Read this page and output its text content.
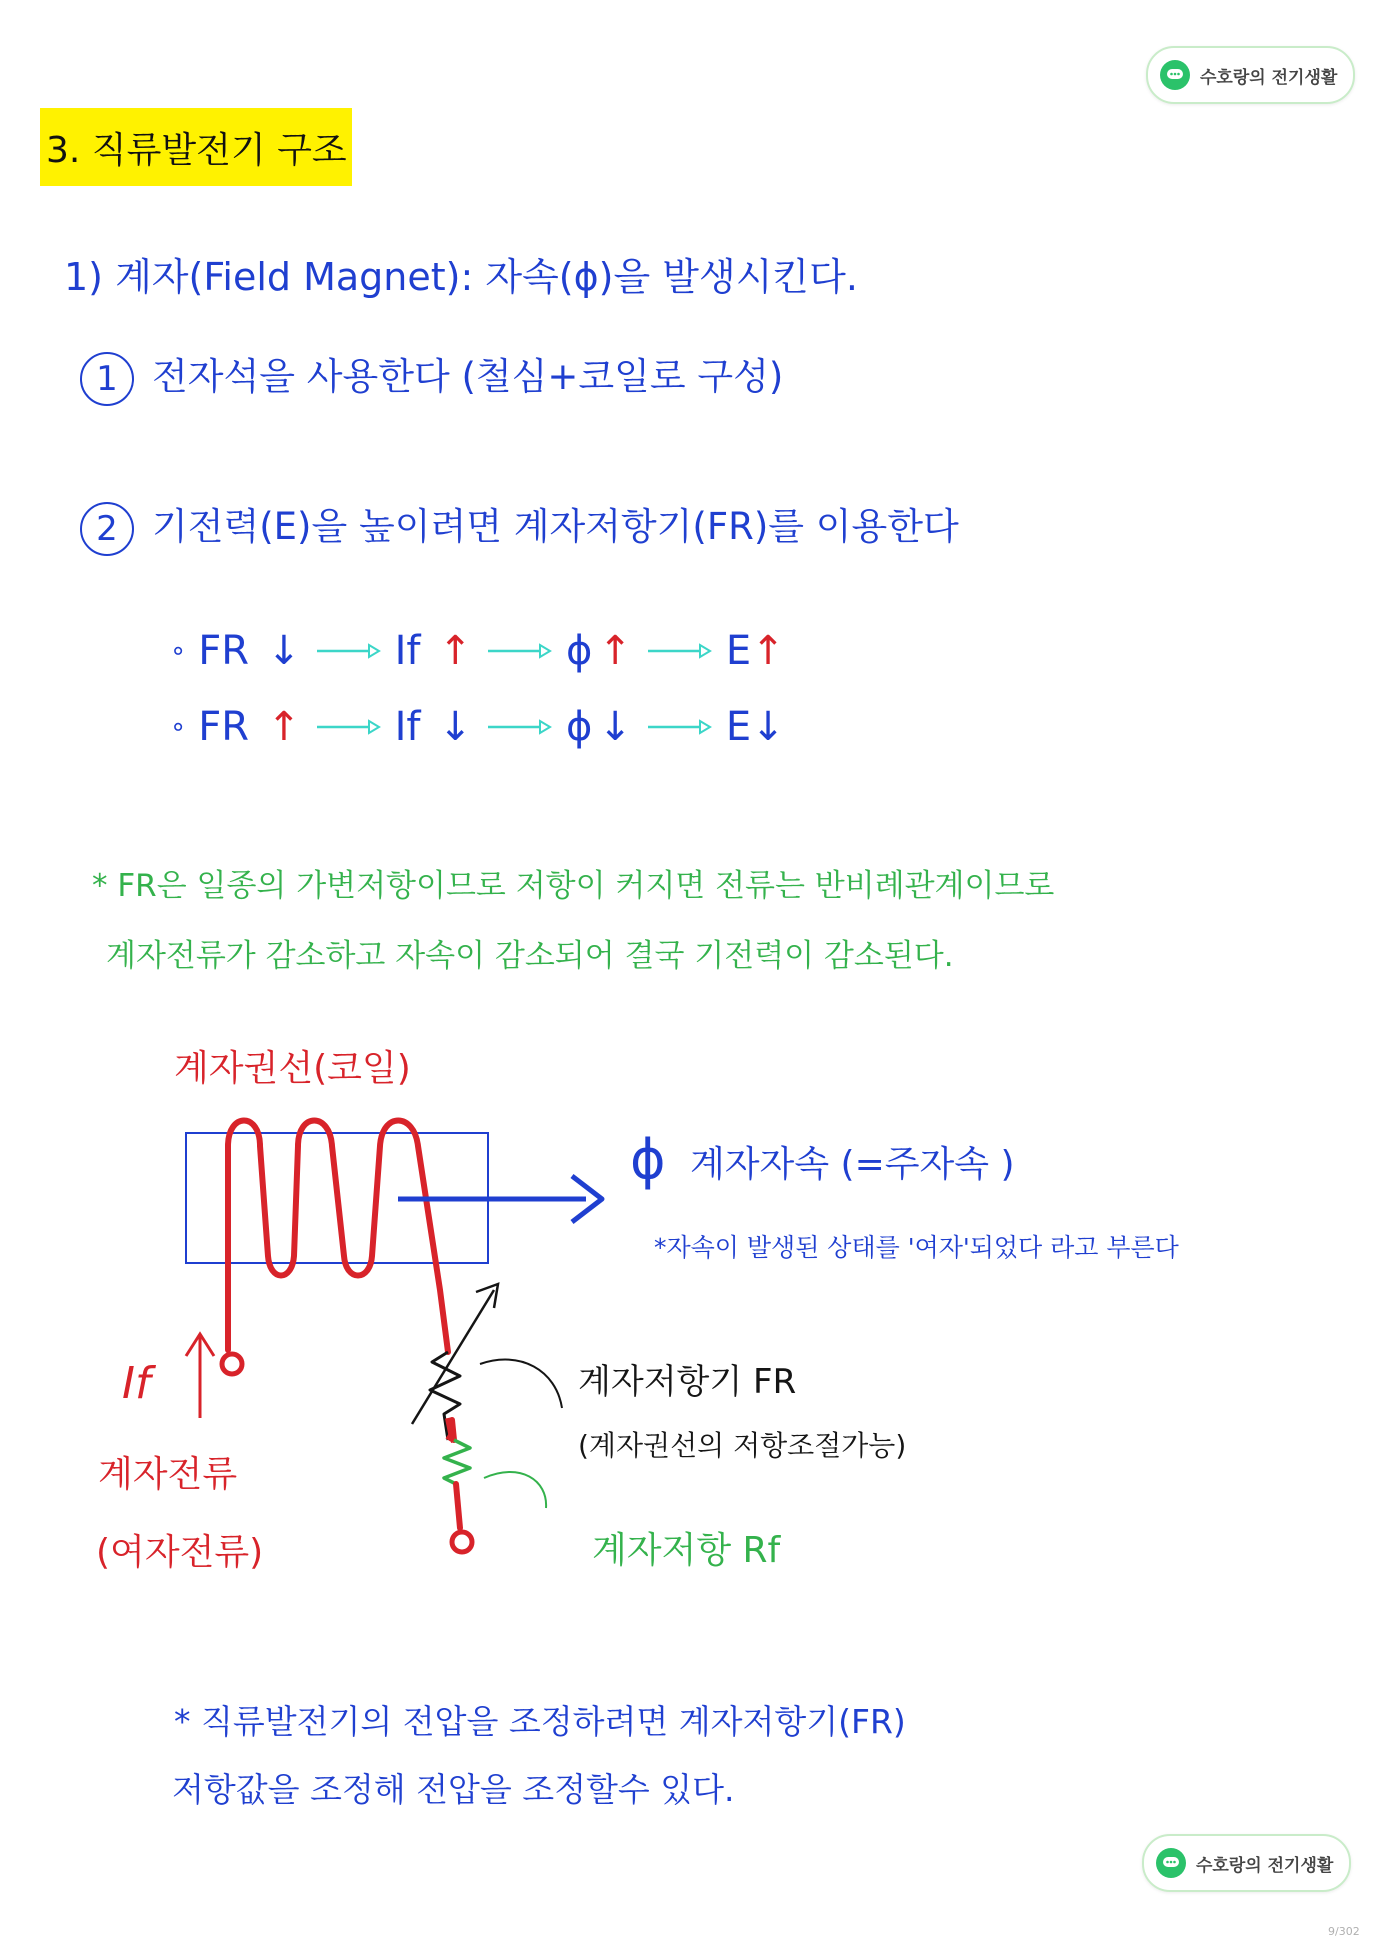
수호랑의 전기생활
3. 직류발전기 구조
1) 계자(Field Magnet): 자속(ϕ)을 발생시킨다.
1 전자석을 사용한다 (철심+코일로 구성)
2 기전력(E)을 높이려면 계자저항기(FR)를 이용한다
∘ FR ↓ If ↑ ϕ ↑ E ↑
∘ FR ↑ If ↓ ϕ ↓ E ↓
* FR은 일종의 가변저항이므로 저항이 커지면 전류는 반비례관계이므로
계자전류가 감소하고 자속이 감소되어 결국 기전력이 감소된다.
계자권선(코일)
ϕ 계자자속 (=주자속 )
*자속이 발생된 상태를 '여자'되었다 라고 부른다
If
계자전류
(여자전류)
계자저항기 FR
(계자권선의 저항조절가능)
계자저항 Rf
* 직류발전기의 전압을 조정하려면 계자저항기(FR)
저항값을 조정해 전압을 조정할수 있다.
수호랑의 전기생활
9/302
